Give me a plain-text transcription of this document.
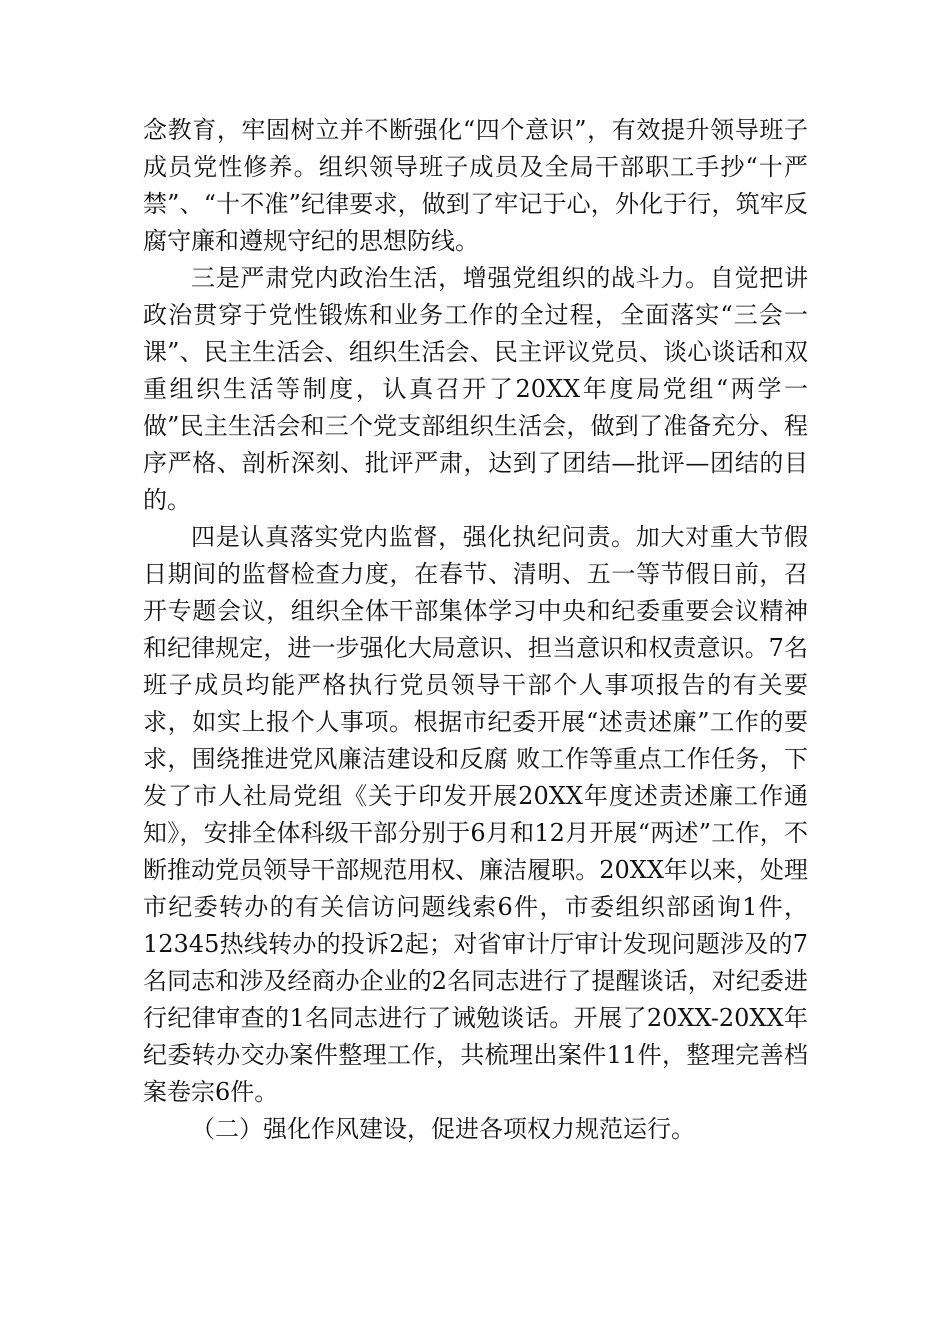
念教育，牢固树立并不断强化“四个意识”，有效提升领导班子成员党性修养。组织领导班子成员及全局干部职工手抄“十严禁”、“十不准”纪律要求，做到了牢记于心，外化于行，筑牢反腐守廉和遵规守纪的思想防线。

三是严肃党内政治生活，增强党组织的战斗力。自觉把讲政治贯穿于党性锻炼和业务工作的全过程，全面落实“三会一课”、民主生活会、组织生活会、民主评议党员、谈心谈话和双重组织生活等制度，认真召开了20XX年度局党组“两学一做”民主生活会和三个党支部组织生活会，做到了准备充分、程序严格、剖析深刻、批评严肃，达到了团结—批评—团结的目的。

四是认真落实党内监督，强化执纪问责。加大对重大节假日期间的监督检查力度，在春节、清明、五一等节假日前，召开专题会议，组织全体干部集体学习中央和纪委重要会议精神和纪律规定，进一步强化大局意识、担当意识和权责意识。7名班子成员均能严格执行党员领导干部个人事项报告的有关要求，如实上报个人事项。根据市纪委开展“述责述廉”工作的要求，围绕推进党风廉洁建设和反腐 败工作等重点工作任务，下发了市人社局党组《关于印发开展20XX年度述责述廉工作通知》，安排全体科级干部分别于6月和12月开展“两述”工作，不断推动党员领导干部规范用权、廉洁履职。20XX年以来，处理市纪委转办的有关信访问题线索6件，市委组织部函询1件，12345热线转办的投诉2起；对省审计厅审计发现问题涉及的7名同志和涉及经商办企业的2名同志进行了提醒谈话，对纪委进行纪律审查的1名同志进行了诫勉谈话。开展了20XX-20XX年纪委转办交办案件整理工作，共梳理出案件11件，整理完善档案卷宗6件。

（二）强化作风建设，促进各项权力规范运行。
